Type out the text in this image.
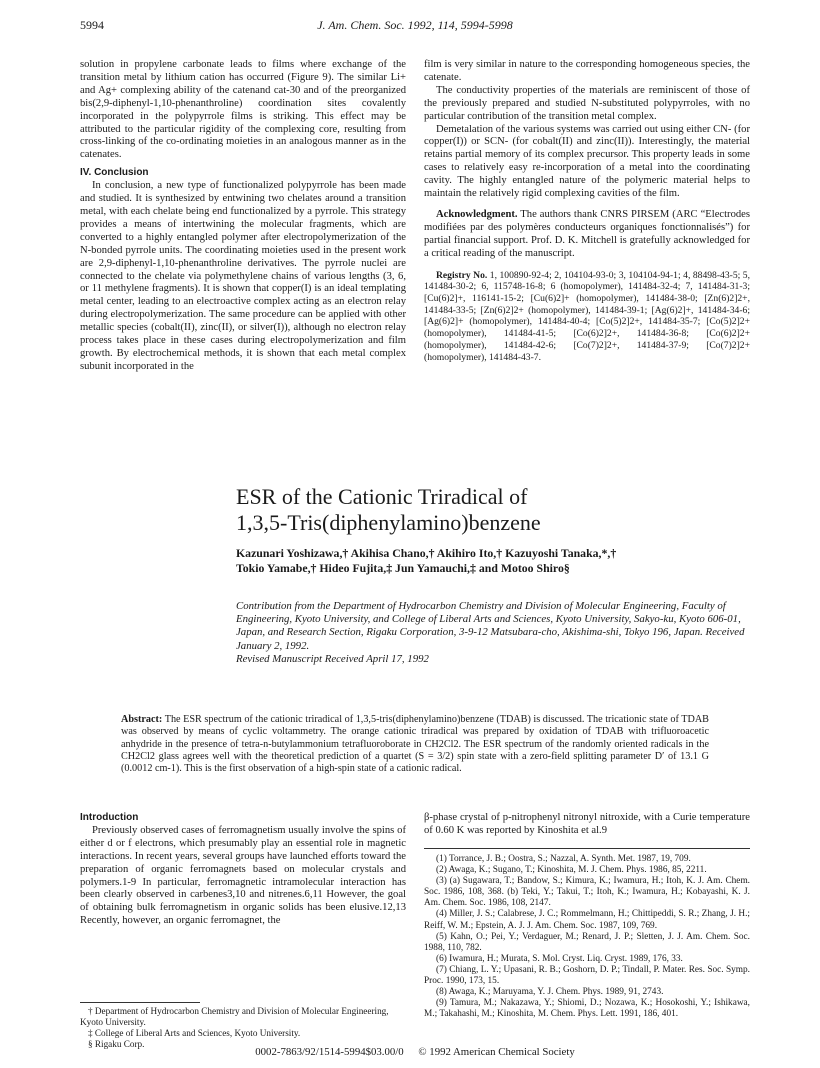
5994	J. Am. Chem. Soc. 1992, 114, 5994-5998

solution in propylene carbonate leads to films where exchange of the transition metal by lithium cation has occurred (Figure 9). The similar Li+ and Ag+ complexing ability of the catenand cat-30 and of the preorganized bis(2,9-diphenyl-1,10-phenanthroline) coordination sites covalently incorporated in the polypyrrole films is striking. This effect may be attributed to the particular rigidity of the complexing core, resulting from cross-linking of the co-ordinating moieties in an analogous manner as in the catenates.

IV. Conclusion

In conclusion, a new type of functionalized polypyrrole has been made and studied. It is synthesized by entwining two chelates around a transition metal, with each chelate being end functionalized by a pyrrole. This strategy provides a means of intertwining the molecular fragments, which are converted to a highly entangled polymer after electropolymerization of the N-bonded pyrrole units. The coordinating moieties used in the present work are 2,9-diphenyl-1,10-phenanthroline derivatives. The pyrrole nuclei are connected to the chelate via polymethylene chains of various lengths (3, 6, or 11 methylene fragments). It is shown that copper(I) is an ideal templating metal center, leading to an electroactive complex acting as an electron relay during electropolymerization. The same procedure can be applied with other metallic species (cobalt(II), zinc(II), or silver(I)), although no electron relay process takes place in these cases during electropolymerization and film growth. By electrochemical methods, it is shown that each metal complex subunit incorporated in the

film is very similar in nature to the corresponding homogeneous species, the catenate.

The conductivity properties of the materials are reminiscent of those of the previously prepared and studied N-substituted polypyrroles, with no particular contribution of the transition metal complex.

Demetalation of the various systems was carried out using either CN- (for copper(I)) or SCN- (for cobalt(II) and zinc(II)). Interestingly, the material retains partial memory of its complex precursor. This property leads in some cases to relatively easy re-incorporation of a metal into the coordinating cavity. The highly entangled nature of the polymeric material helps to maintain the relatively rigid complexing cavities of the film.

Acknowledgment. The authors thank CNRS PIRSEM (ARC “Electrodes modifiées par des polymères conducteurs organiques fonctionnalisés”) for partial financial support. Prof. D. K. Mitchell is gratefully acknowledged for a critical reading of the manuscript.

Registry No. 1, 100890-92-4; 2, 104104-93-0; 3, 104104-94-1; 4, 88498-43-5; 5, 141484-30-2; 6, 115748-16-8; 6 (homopolymer), 141484-32-4; 7, 141484-31-3; [Cu(6)2]+, 116141-15-2; [Cu(6)2]+ (homopolymer), 141484-38-0; [Zn(6)2]2+, 141484-33-5; [Zn(6)2]2+ (homopolymer), 141484-39-1; [Ag(6)2]+, 141484-34-6; [Ag(6)2]+ (homopolymer), 141484-40-4; [Co(5)2]2+, 141484-35-7; [Co(5)2]2+ (homopolymer), 141484-41-5; [Co(6)2]2+, 141484-36-8; [Co(6)2]2+ (homopolymer), 141484-42-6; [Co(7)2]2+, 141484-37-9; [Co(7)2]2+ (homopolymer), 141484-43-7.

ESR of the Cationic Triradical of
1,3,5-Tris(diphenylamino)benzene
Kazunari Yoshizawa,† Akihisa Chano,† Akihiro Ito,† Kazuyoshi Tanaka,*,†
Tokio Yamabe,† Hideo Fujita,‡ Jun Yamauchi,‡ and Motoo Shiro§
Contribution from the Department of Hydrocarbon Chemistry and Division of Molecular Engineering, Faculty of Engineering, Kyoto University, and College of Liberal Arts and Sciences, Kyoto University, Sakyo-ku, Kyoto 606-01, Japan, and Research Section, Rigaku Corporation, 3-9-12 Matsubara-cho, Akishima-shi, Tokyo 196, Japan. Received January 2, 1992.
Revised Manuscript Received April 17, 1992
Abstract: The ESR spectrum of the cationic triradical of 1,3,5-tris(diphenylamino)benzene (TDAB) is discussed. The tricationic state of TDAB was observed by means of cyclic voltammetry. The orange cationic triradical was prepared by oxidation of TDAB with trifluoroacetic anhydride in the presence of tetra-n-butylammonium tetrafluoroborate in CH2Cl2. The ESR spectrum of the randomly oriented radicals in the CH2Cl2 glass agrees well with the theoretical prediction of a quartet (S = 3/2) spin state with a zero-field splitting parameter D′ of 13.1 G (0.0012 cm-1). This is the first observation of a high-spin state of a cationic radical.

Introduction

Previously observed cases of ferromagnetism usually involve the spins of either d or f electrons, which presumably play an essential role in magnetic interactions. In recent years, several groups have launched efforts toward the preparation of organic ferromagnets based on molecular crystals and polymers.1-9 In particular, ferromagnetic intramolecular interaction has been clearly observed in carbenes3,10 and nitrenes.6,11 However, the goal of obtaining bulk ferromagnetism in organic solids has been elusive.12,13 Recently, however, an organic ferromagnet, the

β-phase crystal of p-nitrophenyl nitronyl nitroxide, with a Curie temperature of 0.60 K was reported by Kinoshita et al.9

(1) Torrance, J. B.; Oostra, S.; Nazzal, A. Synth. Met. 1987, 19, 709.

(2) Awaga, K.; Sugano, T.; Kinoshita, M. J. Chem. Phys. 1986, 85, 2211.

(3) (a) Sugawara, T.; Bandow, S.; Kimura, K.; Iwamura, H.; Itoh, K. J. Am. Chem. Soc. 1986, 108, 368. (b) Teki, Y.; Takui, T.; Itoh, K.; Iwamura, H.; Kobayashi, K. J. Am. Chem. Soc. 1986, 108, 2147.

(4) Miller, J. S.; Calabrese, J. C.; Rommelmann, H.; Chittipeddi, S. R.; Zhang, J. H.; Reiff, W. M.; Epstein, A. J. J. Am. Chem. Soc. 1987, 109, 769.

(5) Kahn, O.; Pei, Y.; Verdaguer, M.; Renard, J. P.; Sletten, J. J. Am. Chem. Soc. 1988, 110, 782.

(6) Iwamura, H.; Murata, S. Mol. Cryst. Liq. Cryst. 1989, 176, 33.

(7) Chiang, L. Y.; Upasani, R. B.; Goshorn, D. P.; Tindall, P. Mater. Res. Soc. Symp. Proc. 1990, 173, 15.

(8) Awaga, K.; Maruyama, Y. J. Chem. Phys. 1989, 91, 2743.

(9) Tamura, M.; Nakazawa, Y.; Shiomi, D.; Nozawa, K.; Hosokoshi, Y.; Ishikawa, M.; Takahashi, M.; Kinoshita, M. Chem. Phys. Lett. 1991, 186, 401.

† Department of Hydrocarbon Chemistry and Division of Molecular Engineering, Kyoto University.

‡ College of Liberal Arts and Sciences, Kyoto University.

§ Rigaku Corp.

0002-7863/92/1514-5994$03.00/0 © 1992 American Chemical Society
